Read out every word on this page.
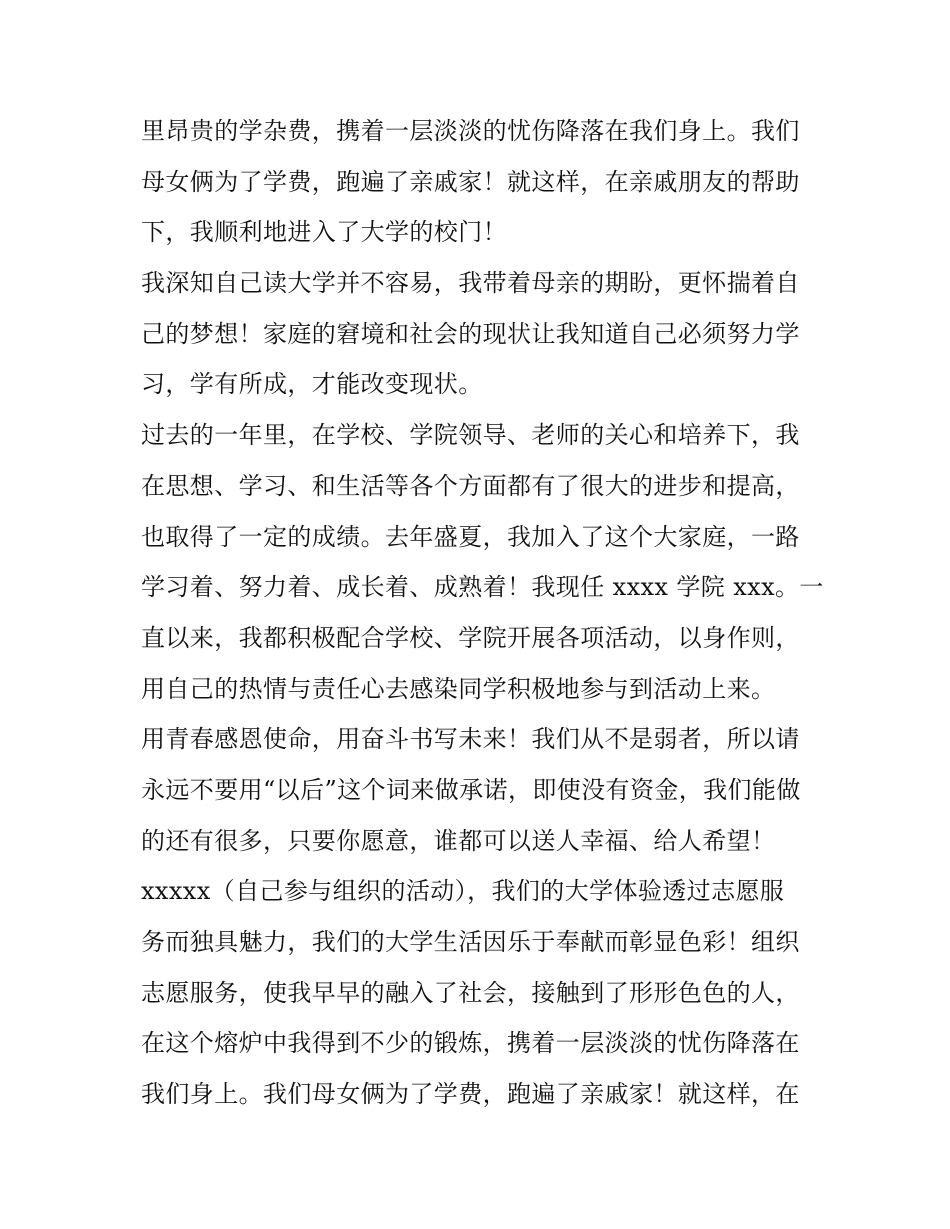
里昂贵的学杂费，携着一层淡淡的忧伤降落在我们身上。我们
母女俩为了学费，跑遍了亲戚家！就这样，在亲戚朋友的帮助
下，我顺利地进入了大学的校门！
我深知自己读大学并不容易，我带着母亲的期盼，更怀揣着自
己的梦想！家庭的窘境和社会的现状让我知道自己必须努力学
习，学有所成，才能改变现状。
过去的一年里，在学校、学院领导、老师的关心和培养下，我
在思想、学习、和生活等各个方面都有了很大的进步和提高，
也取得了一定的成绩。去年盛夏，我加入了这个大家庭，一路
学习着、努力着、成长着、成熟着！我现任 xxxx 学院 xxx。一
直以来，我都积极配合学校、学院开展各项活动，以身作则，
用自己的热情与责任心去感染同学积极地参与到活动上来。
用青春感恩使命，用奋斗书写未来！我们从不是弱者，所以请
永远不要用“以后”这个词来做承诺，即使没有资金，我们能做
的还有很多，只要你愿意，谁都可以送人幸福、给人希望！
xxxxx（自己参与组织的活动），我们的大学体验透过志愿服
务而独具魅力，我们的大学生活因乐于奉献而彰显色彩！组织
志愿服务，使我早早的融入了社会，接触到了形形色色的人，
在这个熔炉中我得到不少的锻炼，携着一层淡淡的忧伤降落在
我们身上。我们母女俩为了学费，跑遍了亲戚家！就这样，在
